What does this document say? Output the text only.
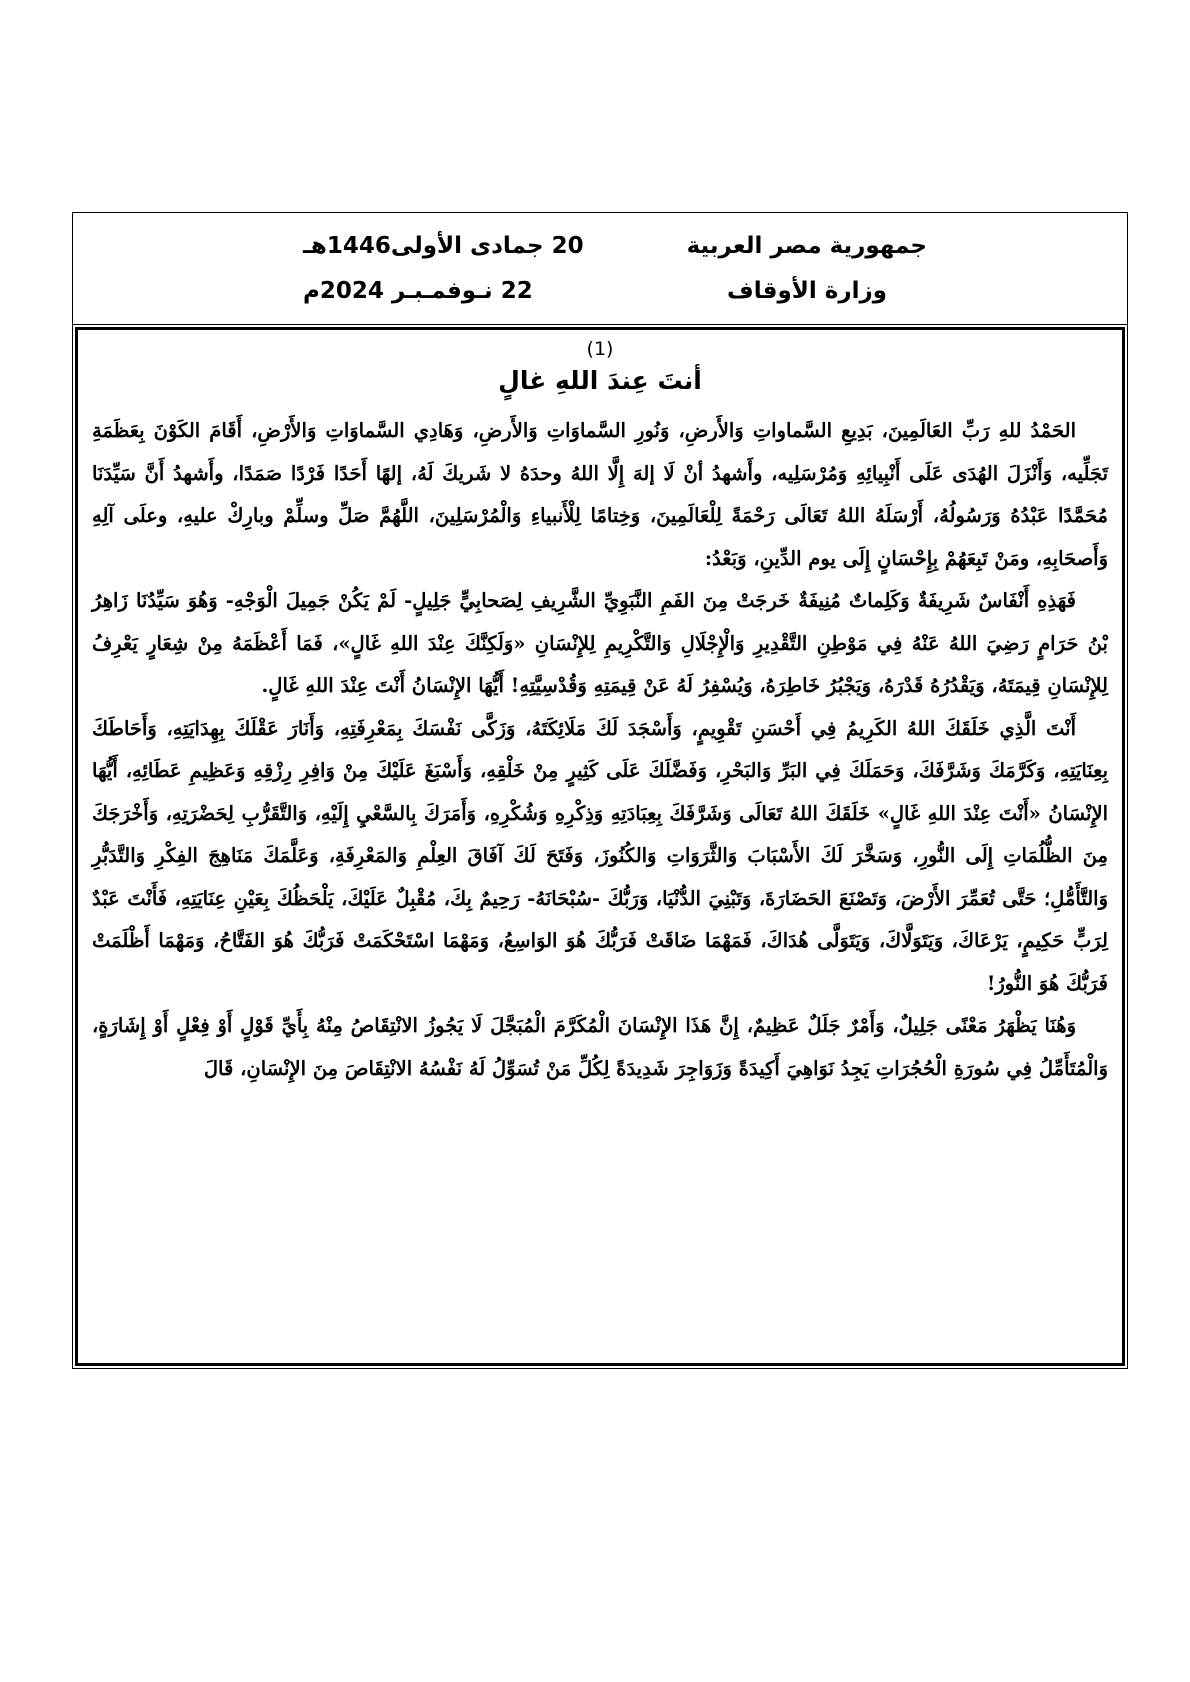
جمهورية مصر العربية
وزارة الأوقاف
20 جمادى الأولى1446هـ
22 نـوفمـبـر 2024م
(1)
أنتَ عِندَ اللهِ غالٍ

الحَمْدُ للهِ رَبِّ العَالَمِينَ، بَدِيعِ السَّماواتِ وَالأَرضِ، وَنُورِ السَّماوَاتِ وَالأَرضِ، وَهَادِي السَّماوَاتِ وَالأَرْضِ، أَقَامَ الكَوْنَ بِعَظَمَةِ تَجَلِّيه، وَأَنْزَلَ الهُدَى عَلَى أَنْبِيائِهِ وَمُرْسَلِيه، وأَشهدُ أنْ لَا إلهَ إِلَّا اللهُ وحدَهُ لا شَريكَ لَهُ، إلهًا أَحَدًا فَرْدًا صَمَدًا، وأَشهدُ أَنَّ سَيِّدَنَا مُحَمَّدًا عَبْدُهُ وَرَسُولُهُ، أَرْسَلَهُ اللهُ تَعَالَى رَحْمَةً لِلْعَالَمِينَ، وَخِتامًا لِلْأَنبياءِ وَالْمُرْسَلِينَ، اللَّهُمَّ صَلِّ وسلِّمْ وبارِكْ عليهِ، وعلَى آلِهِ وَأَصحَابِهِ، ومَنْ تَبِعَهُمْ بِإِحْسَانٍ إِلَى يوم الدِّينِ، وَبَعْدُ:

فَهَذِهِ أَنْفَاسٌ شَرِيفَةٌ وَكَلِماتٌ مُنِيفَةٌ خَرجَتْ مِنَ الفَمِ النَّبَوِيِّ الشَّرِيفِ لِصَحابِيٍّ جَلِيلٍ- لَمْ يَكُنْ جَمِيلَ الْوَجْهِ- وَهُوَ سَيِّدُنَا زَاهِرُ بْنُ حَرَامٍ رَضِيَ اللهُ عَنْهُ فِي مَوْطِنِ التَّقْدِيرِ وَالْإِجْلَالِ وَالتَّكْرِيمِ لِلإِنْسَانِ «وَلَكِنَّكَ عِنْدَ اللهِ غَالٍ»، فَمَا أَعْظَمَهُ مِنْ شِعَارٍ يَعْرِفُ لِلإِنْسَانِ قِيمَتَهُ، وَيَقْدُرُهُ قَدْرَهُ، وَيَجْبُرُ خَاطِرَهُ، وَيُسْفِرُ لَهُ عَنْ قِيمَتِهِ وَقُدْسِيَّتِهِ! أَيُّهَا الإِنْسَانُ أَنْتَ عِنْدَ اللهِ غَالٍ.

أَنْتَ الَّذِي خَلَقَكَ اللهُ الكَرِيمُ فِي أَحْسَنِ تَقْوِيمٍ، وَأَسْجَدَ لَكَ مَلَائِكَتَهُ، وَزَكَّى نَفْسَكَ بِمَعْرِفَتِهِ، وَأَنَارَ عَقْلَكَ بِهِدَايَتِهِ، وَأَحَاطَكَ بِعِنَايَتِهِ، وَكَرَّمَكَ وَشَرَّفَكَ، وَحَمَلَكَ فِي البَرِّ وَالبَحْرِ، وَفَضَّلَكَ عَلَى كَثِيرٍ مِنْ خَلْقِهِ، وَأَسْبَغَ عَلَيْكَ مِنْ وَافِرِ رِزْقِهِ وَعَظِيمِ عَطَائِهِ، أَيُّهَا الإِنْسَانُ «أَنْتَ عِنْدَ اللهِ غَالٍ» خَلَقَكَ اللهُ تَعَالَى وَشَرَّفَكَ بِعِبَادَتِهِ وَذِكْرِهِ وَشُكْرِهِ، وَأَمَرَكَ بِالسَّعْيِ إِلَيْهِ، وَالتَّقَرُّبِ لِحَضْرَتِهِ، وَأَخْرَجَكَ مِنَ الظُّلُمَاتِ إِلَى النُّورِ، وَسَخَّرَ لَكَ الأَسْبَابَ وَالثَّرَوَاتِ وَالكُنُوزَ، وَفَتَحَ لَكَ آفَاقَ العِلْمِ وَالمَعْرِفَةِ، وَعَلَّمَكَ مَنَاهِجَ الفِكْرِ وَالتَّدَبُّرِ وَالتَّأَمُّلِ؛ حَتَّى تُعَمِّرَ الأَرْضَ، وَتَصْنَعَ الحَضَارَةَ، وَتَبْنِيَ الدُّنْيَا، وَرَبُّكَ -سُبْحَانَهُ- رَحِيمٌ بِكَ، مُقْبِلٌ عَلَيْكَ، يَلْحَظُكَ بِعَيْنِ عِنَايَتِهِ، فَأَنْتَ عَبْدٌ لِرَبٍّ حَكِيمٍ، يَرْعَاكَ، وَيَتَوَلَّاكَ، وَيَتَوَلَّى هُدَاكَ، فَمَهْمَا ضَاقَتْ فَرَبُّكَ هُوَ الوَاسِعُ، وَمَهْمَا اسْتَحْكَمَتْ فَرَبُّكَ هُوَ الفَتَّاحُ، وَمَهْمَا أَظْلَمَتْ فَرَبُّكَ هُوَ النُّورُ!

وَهُنَا يَظْهَرُ مَعْنًى جَلِيلٌ، وَأَمْرٌ جَلَلٌ عَظِيمٌ، إِنَّ هَذَا الإِنْسَانَ الْمُكَرَّمَ الْمُبَجَّلَ لَا يَجُوزُ الانْتِقَاصُ مِنْهُ بِأَيِّ قَوْلٍ أَوْ فِعْلٍ أَوْ إِشَارَةٍ، وَالْمُتَأَمِّلُ فِي سُورَةِ الْحُجُرَاتِ يَجِدُ نَوَاهِيَ أَكِيدَةً وَزَوَاجِرَ شَدِيدَةً لِكُلِّ مَنْ تُسَوِّلُ لَهُ نَفْسُهُ الانْتِقَاصَ مِنَ الإِنْسَانِ، قَالَ
